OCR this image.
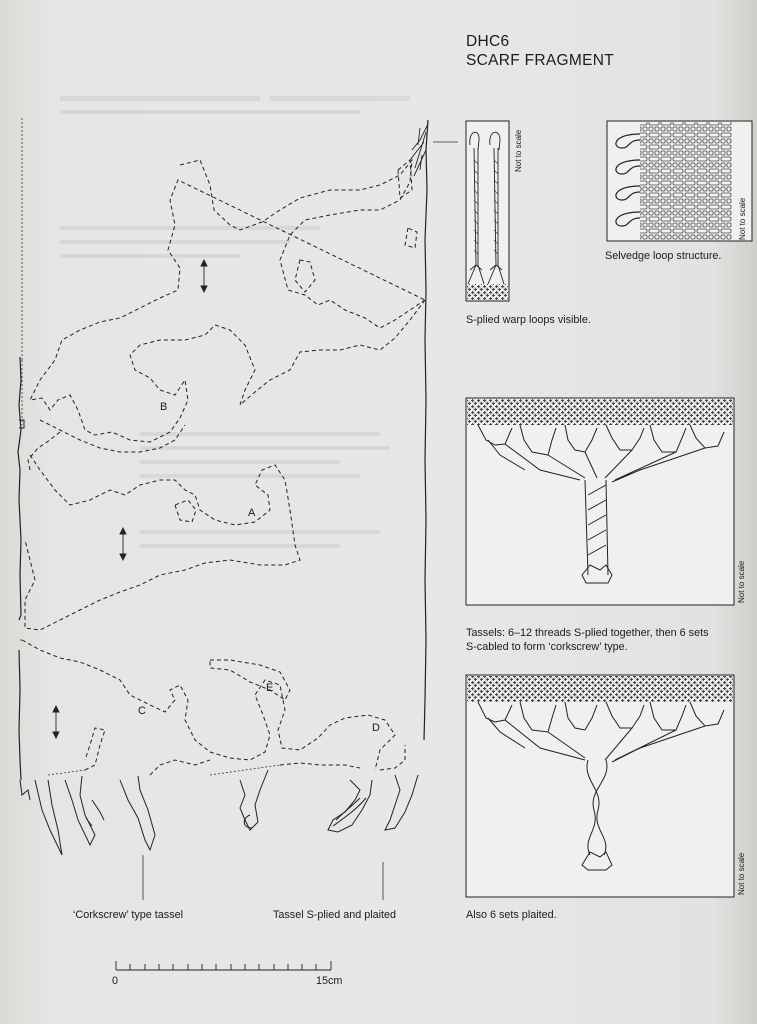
DHC6
SCARF FRAGMENT
B
A
E
C
D
Not to scale
Not to scale
Not to scale
Not to scale
Selvedge loop structure.
S-plied warp loops visible.
Tassels: 6–12 threads S-plied together, then 6 sets
S-cabled to form ‘corkscrew’ type.
Also 6 sets plaited.
‘Corkscrew’ type tassel	Tassel S-plied and plaited
0	15cm
